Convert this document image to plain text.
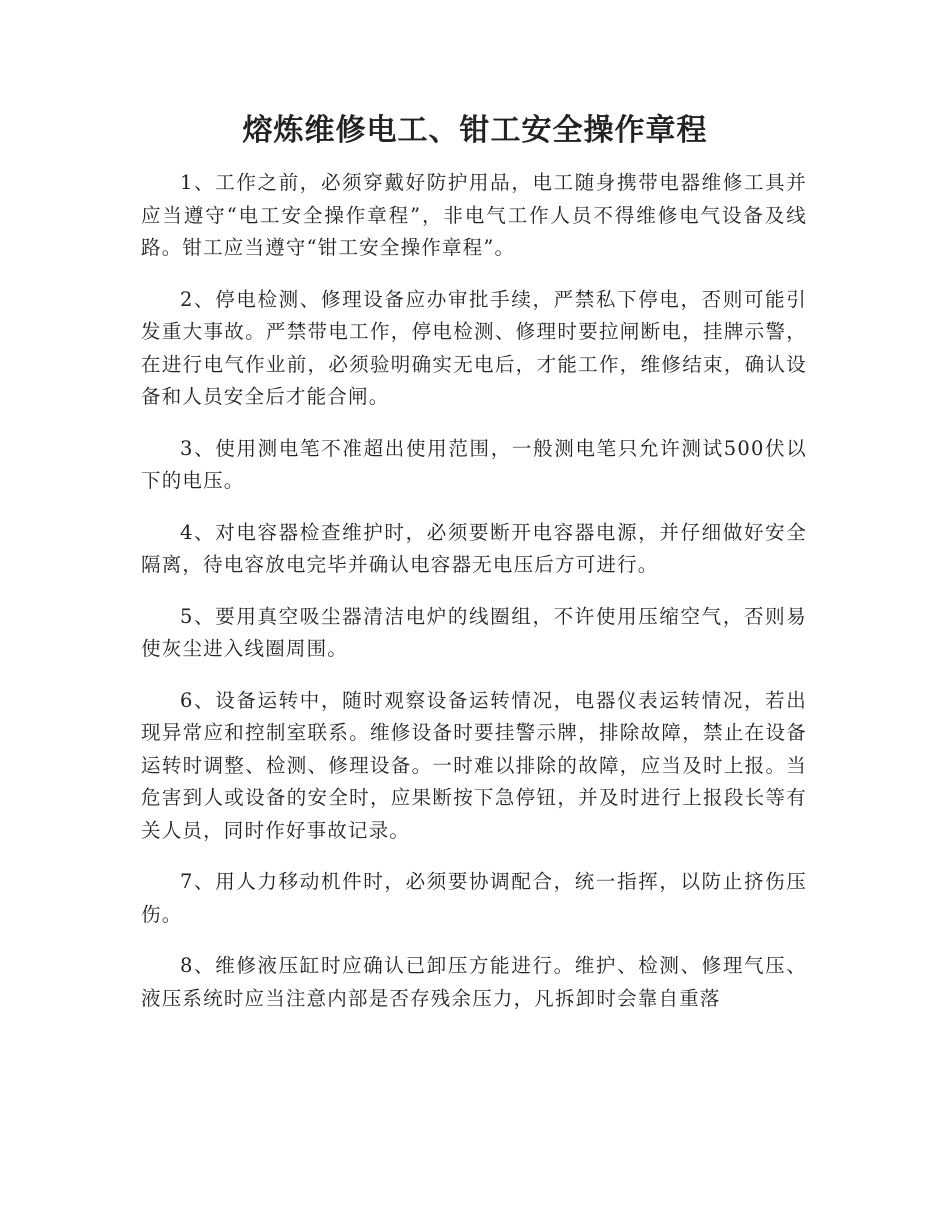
熔炼维修电工、钳工安全操作章程

1、工作之前，必须穿戴好防护用品，电工随身携带电器维修工具并应当遵守“电工安全操作章程”，非电气工作人员不得维修电气设备及线路。钳工应当遵守“钳工安全操作章程”。

2、停电检测、修理设备应办审批手续，严禁私下停电，否则可能引发重大事故。严禁带电工作，停电检测、修理时要拉闸断电，挂牌示警，在进行电气作业前，必须验明确实无电后，才能工作，维修结束，确认设备和人员安全后才能合闸。

3、使用测电笔不准超出使用范围，一般测电笔只允许测试500伏以下的电压。

4、对电容器检查维护时，必须要断开电容器电源，并仔细做好安全隔离，待电容放电完毕并确认电容器无电压后方可进行。

5、要用真空吸尘器清洁电炉的线圈组，不许使用压缩空气，否则易使灰尘进入线圈周围。

6、设备运转中，随时观察设备运转情况，电器仪表运转情况，若出现异常应和控制室联系。维修设备时要挂警示牌，排除故障，禁止在设备运转时调整、检测、修理设备。一时难以排除的故障，应当及时上报。当危害到人或设备的安全时，应果断按下急停钮，并及时进行上报段长等有关人员，同时作好事故记录。

7、用人力移动机件时，必须要协调配合，统一指挥，以防止挤伤压伤。

8、维修液压缸时应确认已卸压方能进行。维护、检测、修理气压、液压系统时应当注意内部是否存残余压力，凡拆卸时会靠自重落
